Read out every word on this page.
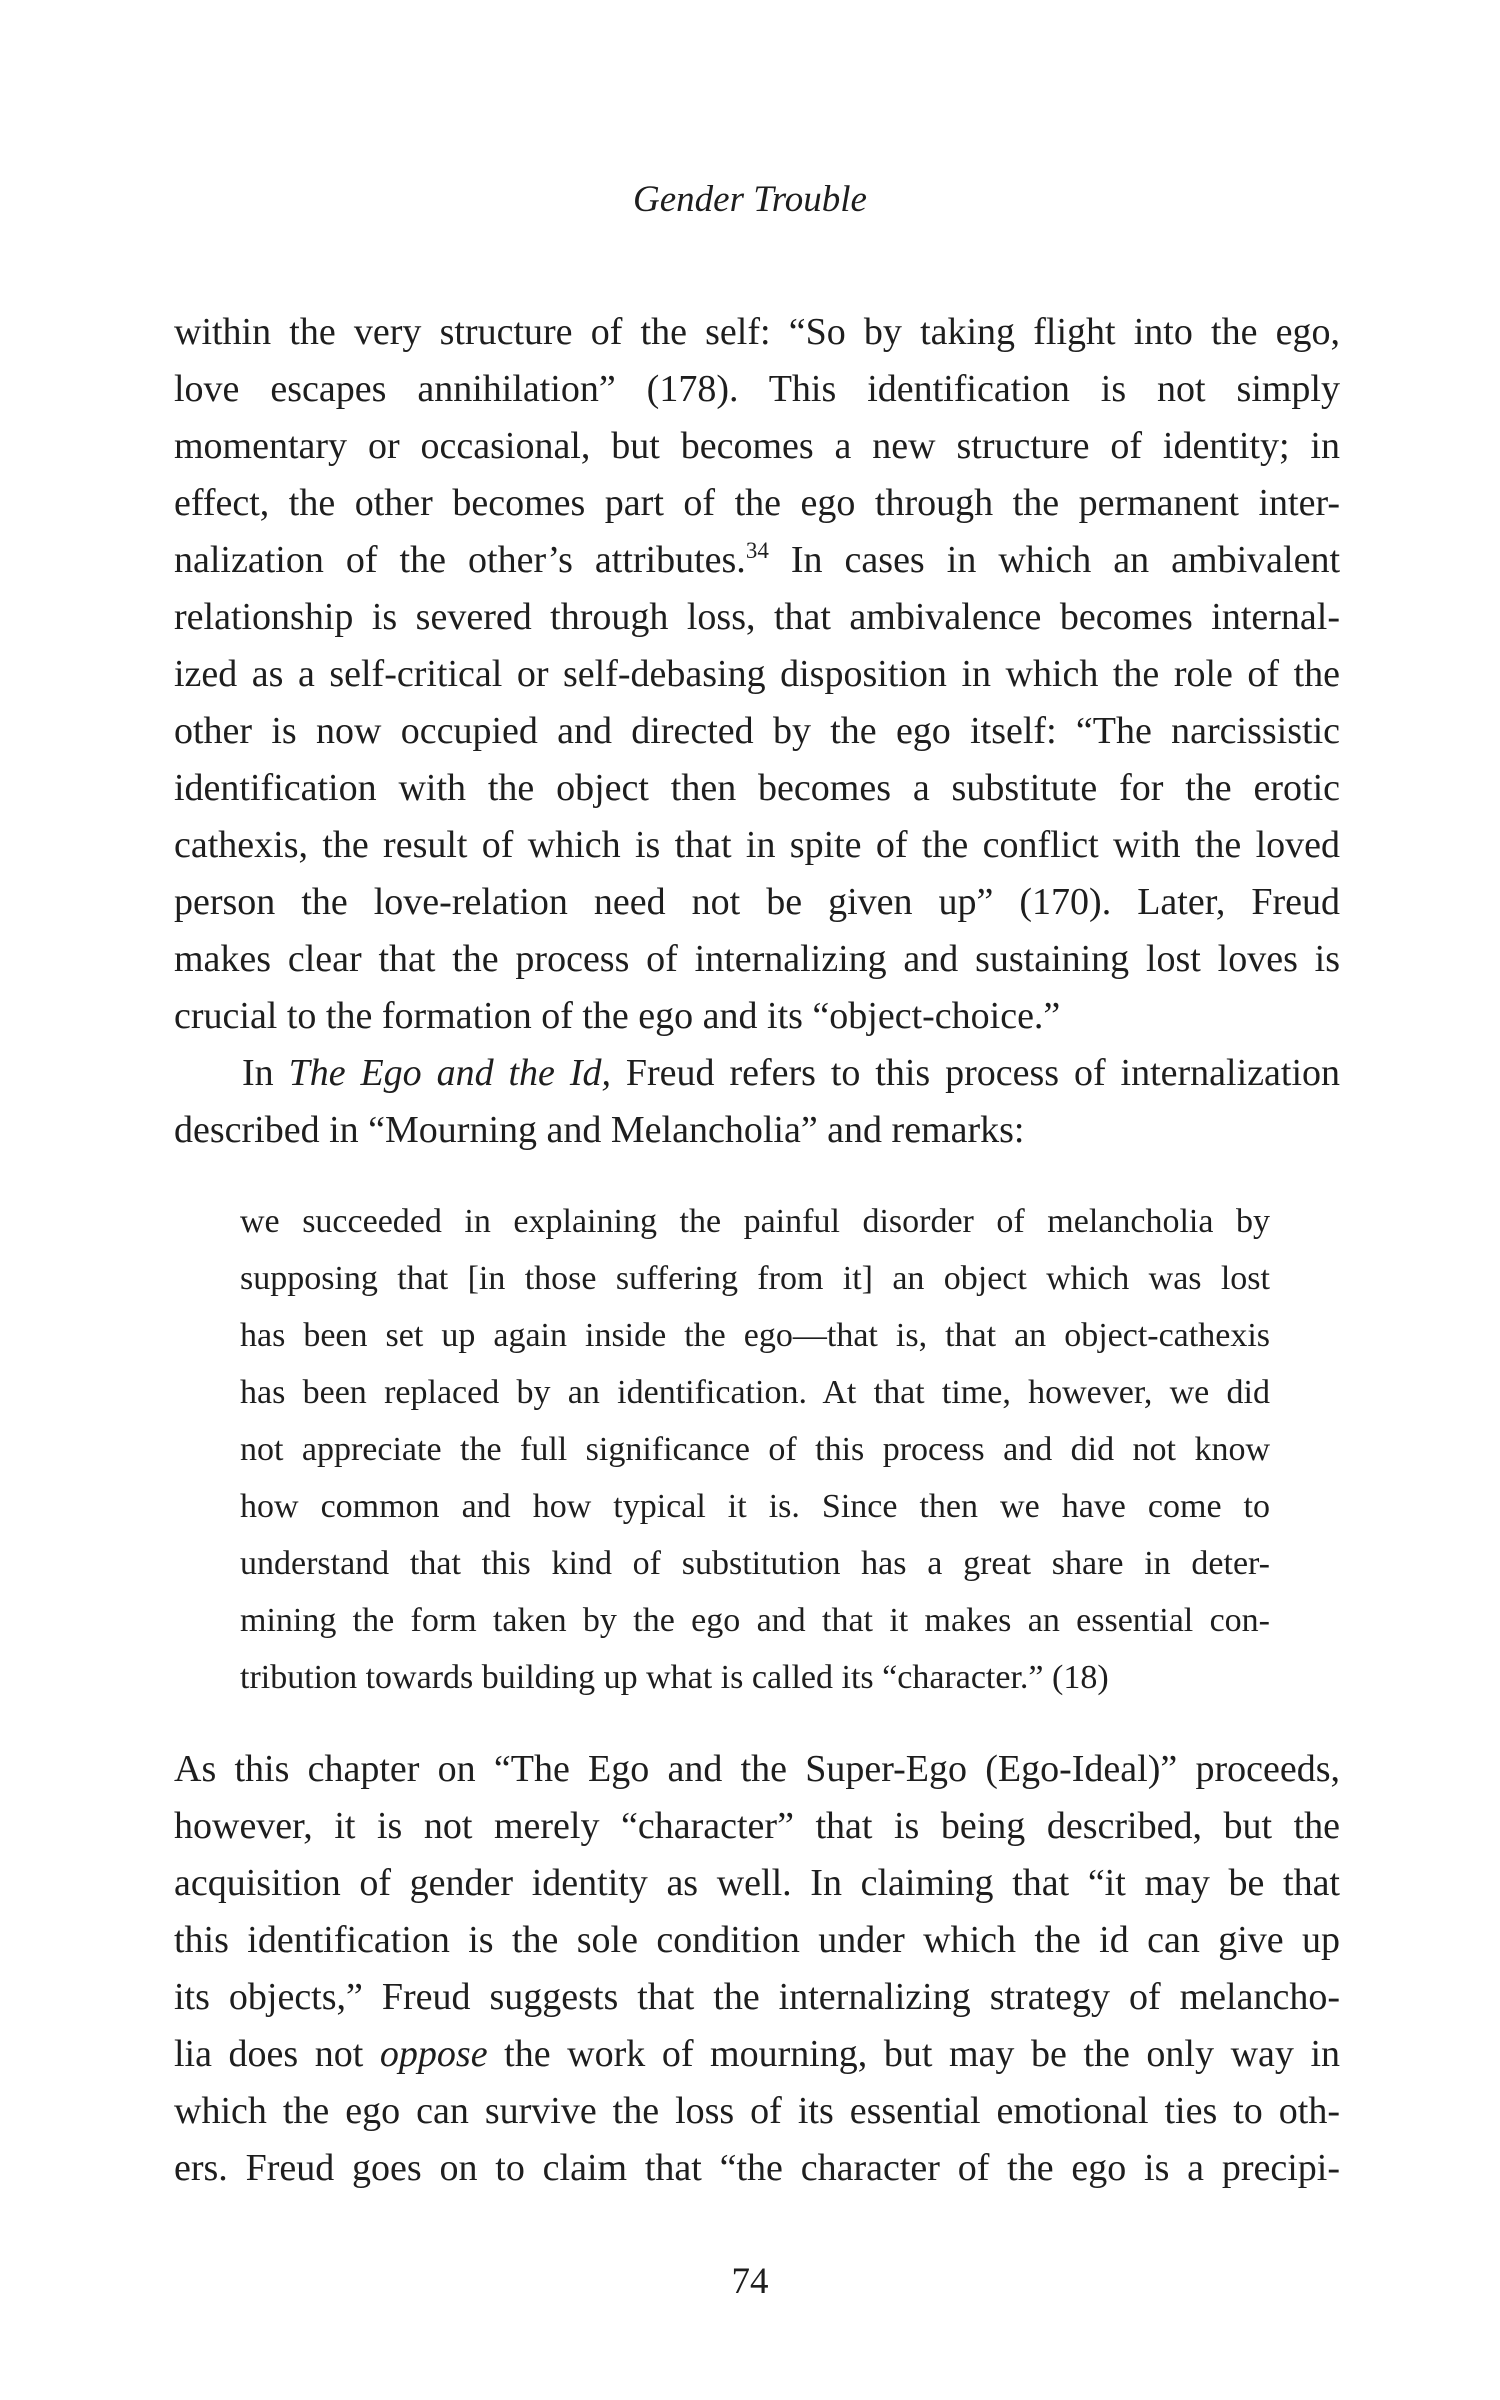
Gender Trouble
within the very structure of the self: “So by taking flight into the ego,
love escapes annihilation” (178). This identification is not simply
momentary or occasional, but becomes a new structure of identity; in
effect, the other becomes part of the ego through the permanent inter-
nalization of the other’s attributes.$^{34}$ In cases in which an ambivalent
relationship is severed through loss, that ambivalence becomes internal-
ized as a self-critical or self-debasing disposition in which the role of the
other is now occupied and directed by the ego itself: “The narcissistic
identification with the object then becomes a substitute for the erotic
cathexis, the result of which is that in spite of the conflict with the loved
person the love-relation need not be given up” (170). Later, Freud
makes clear that the process of internalizing and sustaining lost loves is
crucial to the formation of the ego and its “object-choice.”
In The Ego and the Id, Freud refers to this process of internalization
described in “Mourning and Melancholia” and remarks:
we succeeded in explaining the painful disorder of melancholia by
supposing that [in those suffering from it] an object which was lost
has been set up again inside the ego—that is, that an object-cathexis
has been replaced by an identification. At that time, however, we did
not appreciate the full significance of this process and did not know
how common and how typical it is. Since then we have come to
understand that this kind of substitution has a great share in deter-
mining the form taken by the ego and that it makes an essential con-
tribution towards building up what is called its “character.” (18)
As this chapter on “The Ego and the Super-Ego (Ego-Ideal)” proceeds,
however, it is not merely “character” that is being described, but the
acquisition of gender identity as well. In claiming that “it may be that
this identification is the sole condition under which the id can give up
its objects,” Freud suggests that the internalizing strategy of melancho-
lia does not oppose the work of mourning, but may be the only way in
which the ego can survive the loss of its essential emotional ties to oth-
ers. Freud goes on to claim that “the character of the ego is a precipi-
74
